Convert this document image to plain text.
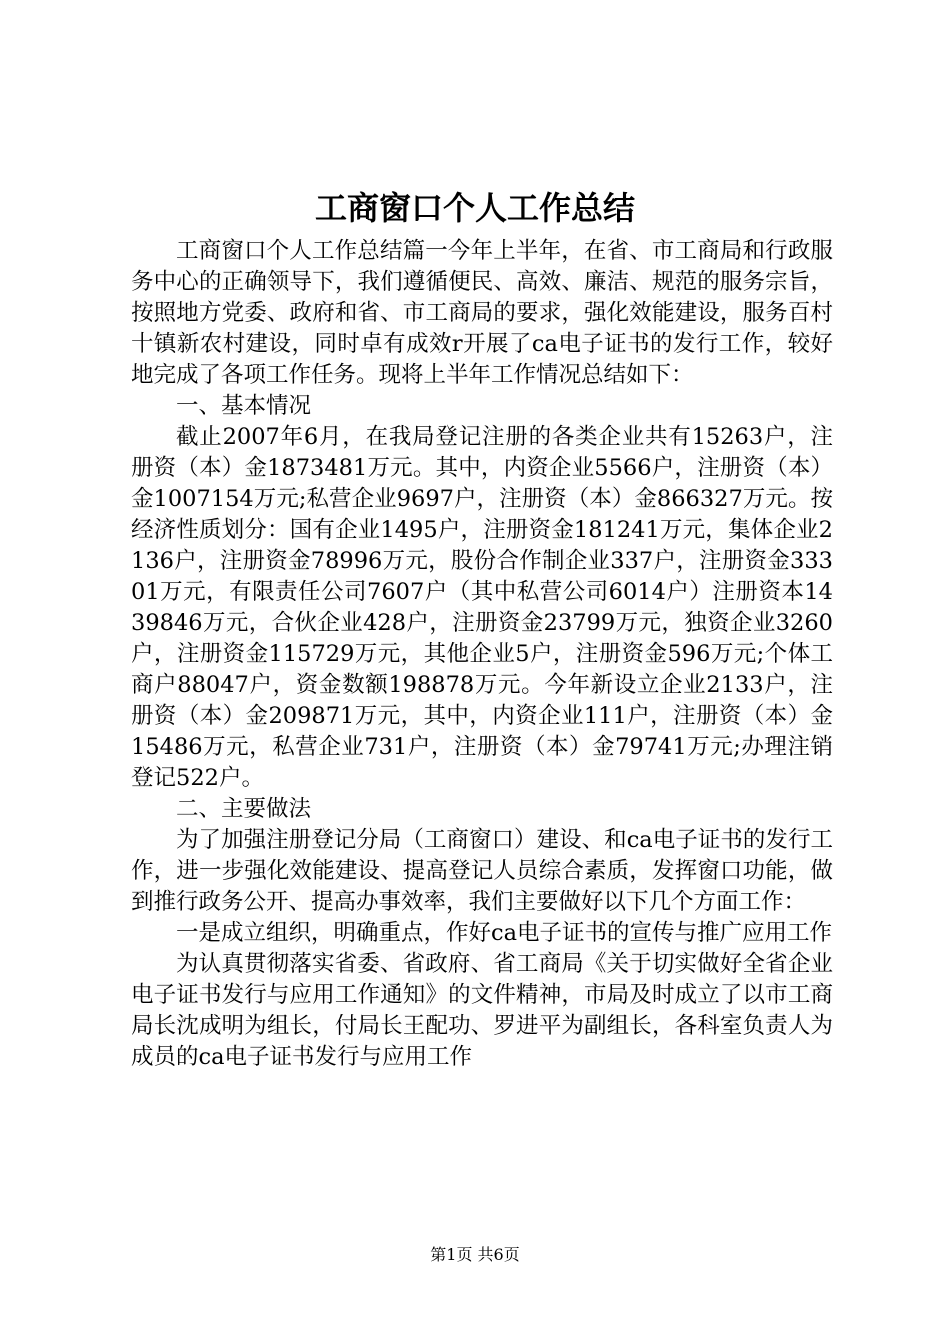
工商窗口个人工作总结

工商窗口个人工作总结篇一今年上半年，在省、市工商局和行政服务中心的正确领导下，我们遵循便民、高效、廉洁、规范的服务宗旨，按照地方党委、政府和省、市工商局的要求，强化效能建设，服务百村十镇新农村建设，同时卓有成效r开展了ca电子证书的发行工作，较好地完成了各项工作任务。现将上半年工作情况总结如下：

一、基本情况

截止2007年6月，在我局登记注册的各类企业共有15263户，注册资（本）金1873481万元。其中，内资企业5566户，注册资（本）金1007154万元;私营企业9697户，注册资（本）金866327万元。按经济性质划分：国有企业1495户，注册资金181241万元，集体企业2136户，注册资金78996万元，股份合作制企业337户，注册资金33301万元，有限责任公司7607户（其中私营公司6014户）注册资本1439846万元，合伙企业428户，注册资金23799万元，独资企业3260户，注册资金115729万元，其他企业5户，注册资金596万元;个体工商户88047户，资金数额198878万元。今年新设立企业2133户，注册资（本）金209871万元，其中，内资企业111户，注册资（本）金15486万元，私营企业731户，注册资（本）金79741万元;办理注销登记522户。

二、主要做法

为了加强注册登记分局（工商窗口）建设、和ca电子证书的发行工作，进一步强化效能建设、提高登记人员综合素质，发挥窗口功能，做到推行政务公开、提高办事效率，我们主要做好以下几个方面工作：

一是成立组织，明确重点，作好ca电子证书的宣传与推广应用工作

为认真贯彻落实省委、省政府、省工商局《关于切实做好全省企业电子证书发行与应用工作通知》的文件精神，市局及时成立了以市工商局长沈成明为组长，付局长王配功、罗进平为副组长，各科室负责人为成员的ca电子证书发行与应用工作

第1页 共6页
